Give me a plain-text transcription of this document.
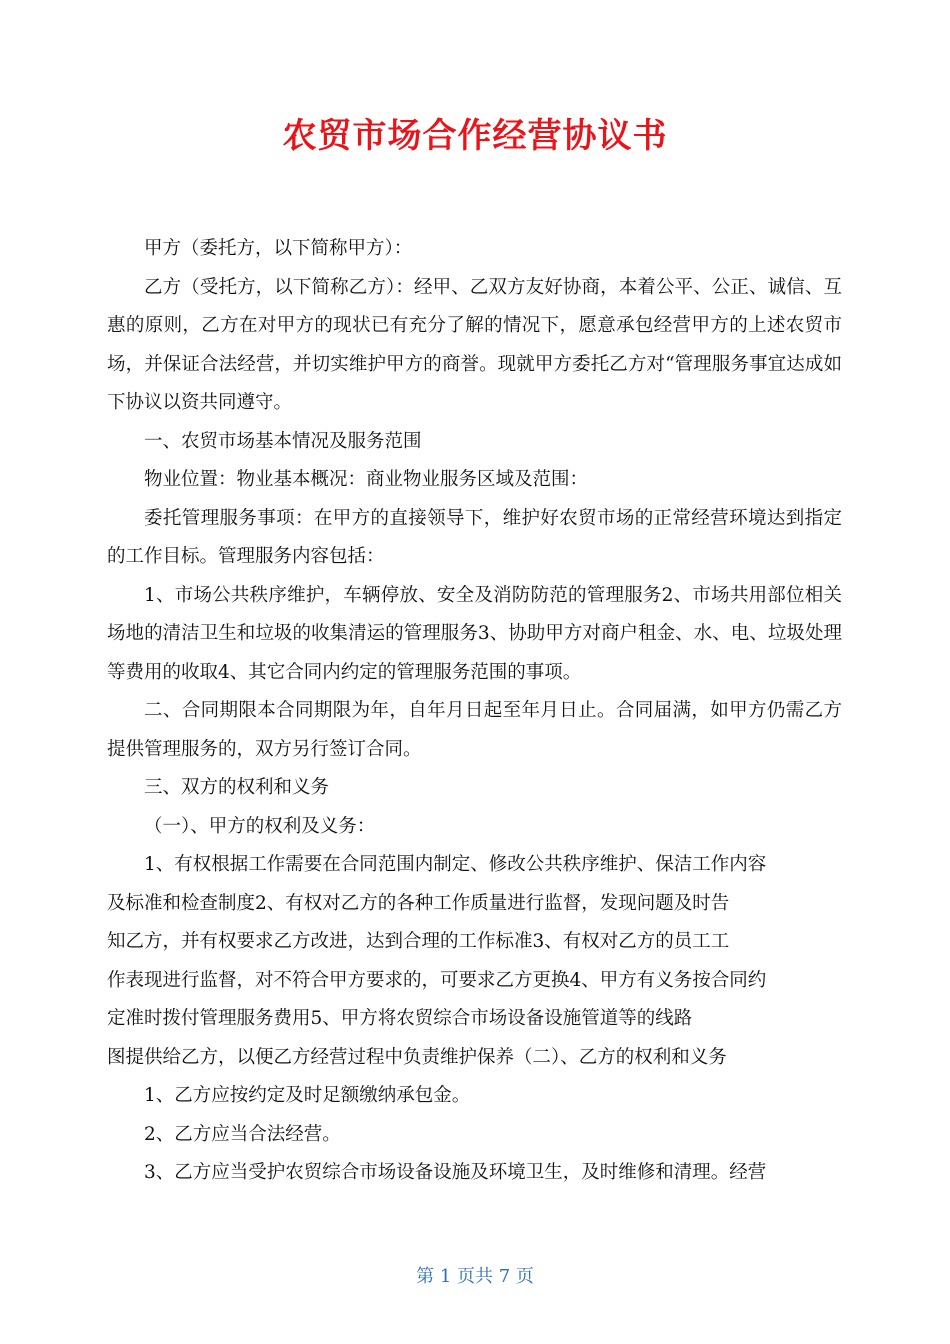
农贸市场合作经营协议书

甲方（委托方，以下简称甲方）：

乙方（受托方，以下简称乙方）：经甲、乙双方友好协商，本着公平、公正、诚信、互惠的原则，乙方在对甲方的现状已有充分了解的情况下，愿意承包经营甲方的上述农贸市场，并保证合法经营，并切实维护甲方的商誉。现就甲方委托乙方对“管理服务事宜达成如下协议以资共同遵守。

一、农贸市场基本情况及服务范围

物业位置：物业基本概况：商业物业服务区域及范围：

委托管理服务事项：在甲方的直接领导下，维护好农贸市场的正常经营环境达到指定的工作目标。管理服务内容包括：

1、市场公共秩序维护，车辆停放、安全及消防防范的管理服务2、市场共用部位相关场地的清洁卫生和垃圾的收集清运的管理服务3、协助甲方对商户租金、水、电、垃圾处理等费用的收取4、其它合同内约定的管理服务范围的事项。

二、合同期限本合同期限为年，自年月日起至年月日止。合同届满，如甲方仍需乙方提供管理服务的，双方另行签订合同。

三、双方的权利和义务

（一）、甲方的权利及义务：

1、有权根据工作需要在合同范围内制定、修改公共秩序维护、保洁工作内容

及标准和检查制度2、有权对乙方的各种工作质量进行监督，发现问题及时告

知乙方，并有权要求乙方改进，达到合理的工作标准3、有权对乙方的员工工

作表现进行监督，对不符合甲方要求的，可要求乙方更换4、甲方有义务按合同约

定准时拨付管理服务费用5、甲方将农贸综合市场设备设施管道等的线路

图提供给乙方，以便乙方经营过程中负责维护保养（二）、乙方的权利和义务

1、乙方应按约定及时足额缴纳承包金。

2、乙方应当合法经营。

3、乙方应当受护农贸综合市场设备设施及环境卫生，及时维修和清理。经营

第 1 页共 7 页
